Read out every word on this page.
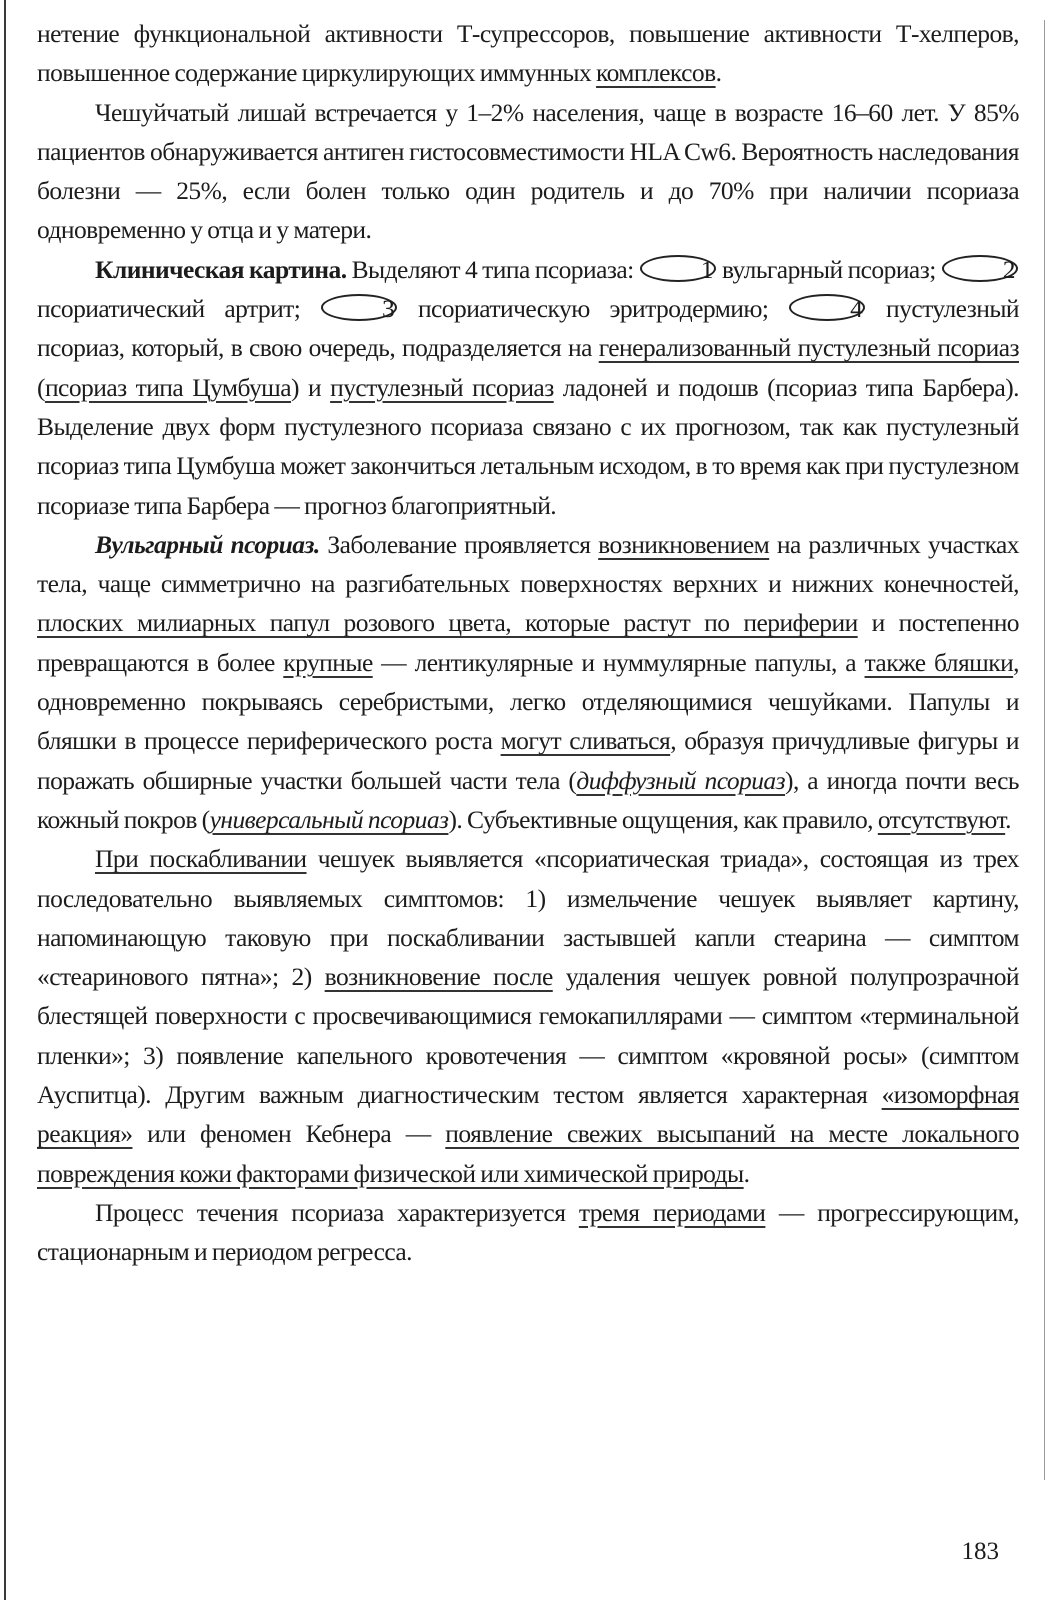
нетение функциональной активности Т-супрессоров, повышение активности Т-хелперов, повышенное содержание циркулирующих иммунных комплексов.

Чешуйчатый лишай встречается у 1–2% населения, чаще в возрасте 16–60 лет. У 85% пациентов обнаруживается антиген гистосовместимости HLA Cw6. Вероятность наследования болезни — 25%, если болен только один родитель и до 70% при наличии псориаза одновременно у отца и у матери.

Клиническая картина. Выделяют 4 типа псориаза: 1 вульгарный псориаз; 2 псориатический артрит; 3 псориатическую эритродермию; 4 пустулезный псориаз, который, в свою очередь, подразделяется на генерализованный пустулезный псориаз (псориаз типа Цумбуша) и пустулезный псориаз ладоней и подошв (псориаз типа Барбера). Выделение двух форм пустулезного псориаза связано с их прогнозом, так как пустулезный псориаз типа Цумбуша может закончиться летальным исходом, в то время как при пустулезном псориазе типа Барбера — прогноз благоприятный.

Вульгарный псориаз. Заболевание проявляется возникновением на различных участках тела, чаще симметрично на разгибательных поверхностях верхних и нижних конечностей, плоских милиарных папул розового цвета, которые растут по периферии и постепенно превращаются в более крупные — лентикулярные и нуммулярные папулы, а также бляшки, одновременно покрываясь серебристыми, легко отделяющимися чешуйками. Папулы и бляшки в процессе периферического роста могут сливаться, образуя причудливые фигуры и поражать обширные участки большей части тела (диффузный псориаз), а иногда почти весь кожный покров (универсальный псориаз). Субъективные ощущения, как правило, отсутствуют.

При поскабливании чешуек выявляется «псориатическая триада», состоящая из трех последовательно выявляемых симптомов: 1) измельчение чешуек выявляет картину, напоминающую таковую при поскабливании застывшей капли стеарина — симптом «стеаринового пятна»; 2) возникновение после удаления чешуек ровной полупрозрачной блестящей поверхности с просвечивающимися гемокапиллярами — симптом «терминальной пленки»; 3) появление капельного кровотечения — симптом «кровяной росы» (симптом Ауспитца). Другим важным диагностическим тестом является характерная «изоморфная реакция» или феномен Кебнера — появление свежих высыпаний на месте локального повреждения кожи факторами физической или химической природы.

Процесс течения псориаза характеризуется тремя периодами — прогрессирующим, стационарным и периодом регресса.

183
